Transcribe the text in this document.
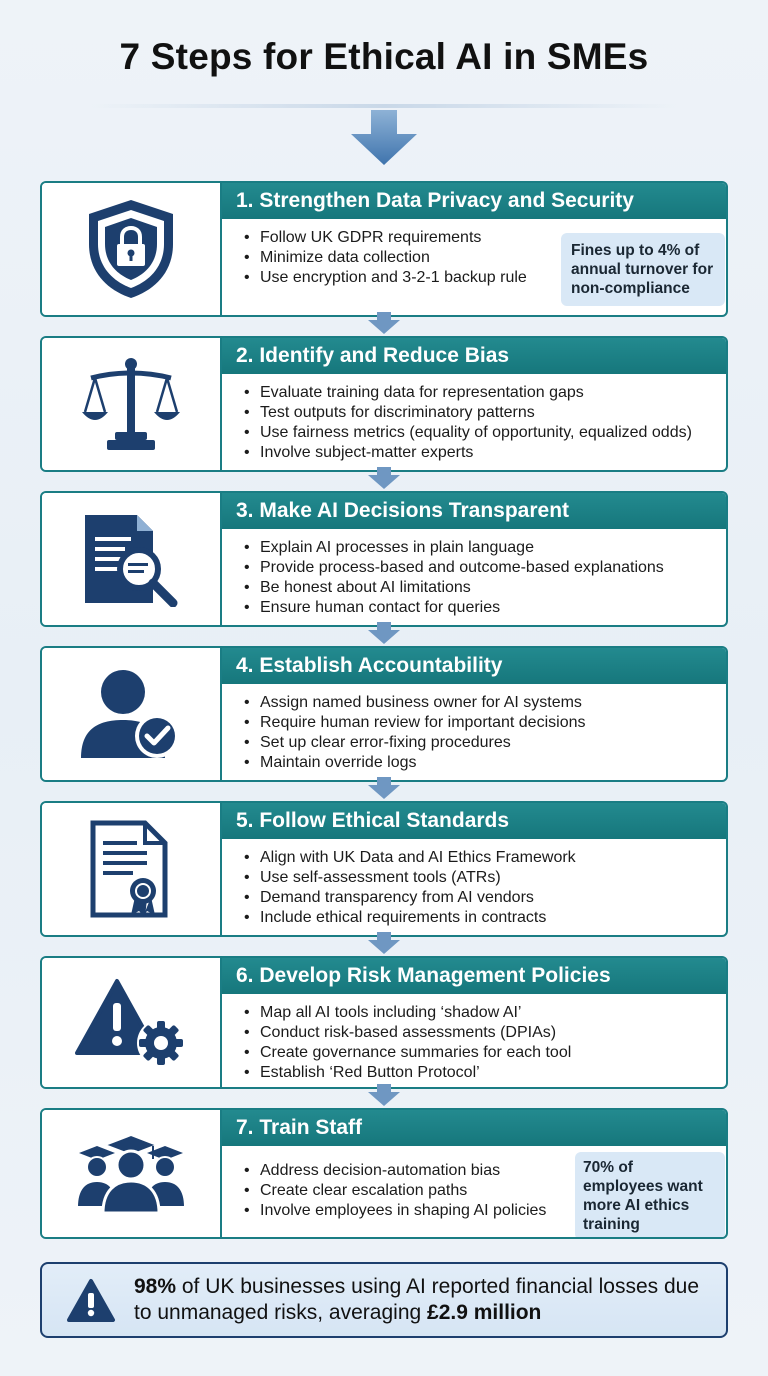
7 Steps for Ethical AI in SMEs
1. Strengthen Data Privacy and Security
• Follow UK GDPR requirements
• Minimize data collection
• Use encryption and 3-2-1 backup rule
Fines up to 4% of annual turnover for non-compliance
2. Identify and Reduce Bias
• Evaluate training data for representation gaps
• Test outputs for discriminatory patterns
• Use fairness metrics (equality of opportunity, equalized odds)
• Involve subject-matter experts
3. Make AI Decisions Transparent
• Explain AI processes in plain language
• Provide process-based and outcome-based explanations
• Be honest about AI limitations
• Ensure human contact for queries
4. Establish Accountability
• Assign named business owner for AI systems
• Require human review for important decisions
• Set up clear error-fixing procedures
• Maintain override logs
5. Follow Ethical Standards
• Align with UK Data and AI Ethics Framework
• Use self-assessment tools (ATRs)
• Demand transparency from AI vendors
• Include ethical requirements in contracts
6. Develop Risk Management Policies
• Map all AI tools including ‘shadow AI’
• Conduct risk-based assessments (DPIAs)
• Create governance summaries for each tool
• Establish ‘Red Button Protocol’
7. Train Staff
• Address decision-automation bias
• Create clear escalation paths
• Involve employees in shaping AI policies
70% of employees want more AI ethics training
98% of UK businesses using AI reported financial losses due to unmanaged risks, averaging £2.9 million
